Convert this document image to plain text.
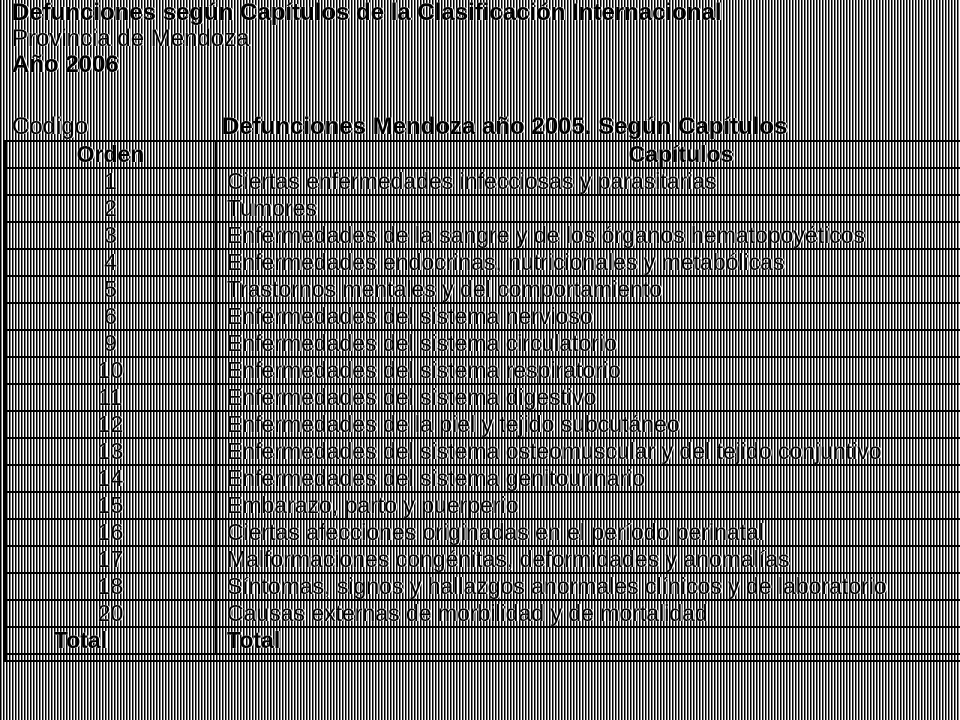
Defunciones según Capítulos de la Clasificación Internacional
Provincia de Mendoza
Año 2006
Codigo	Defunciones Mendoza año 2005. Según Capítulos
Orden	Capítulos
1	Ciertas enfermedades infecciosas y parasitarias
2	Tumores
3	Enfermedades de la sangre y de los órganos hematopoyéticos
4	Enfermedades endocrinas, nutricionales y metabólicas
5	Trastornos mentales y del comportamiento
6	Enfermedades del sistema nervioso
9	Enfermedades del sistema circulatorio
10	Enfermedades del sistema respiratorio
11	Enfermedades del sistema digestivo
12	Enfermedades de la piel y tejido subcutáneo
13	Enfermedades del sistema osteomuscular y del tejido conjuntivo
14	Enfermedades del sistema genitourinario
15	Embarazo, parto y puerperio
16	Ciertas afecciones originadas en el período perinatal
17	Malformaciones congénitas, deformidades y anomalías
18	Síntomas, signos y hallazgos anormales clínicos y de laboratorio
20	Causas externas de morbilidad y de mortalidad
Total	Total
